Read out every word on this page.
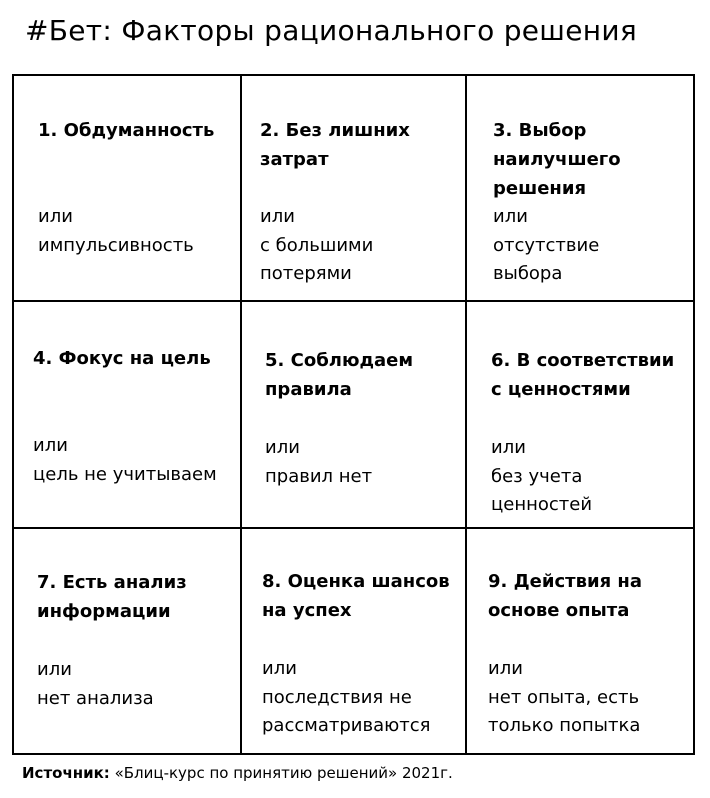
#Бет: Факторы рационального решения
1. Обдуманность
или
импульсивность
2. Без лишних
затрат
или
с большими
потерями
3. Выбор
наилучшего
решения
или
отсутствие
выбора
4. Фокус на цель
или
цель не учитываем
5. Соблюдаем
правила
или
правил нет
6. В соответствии
с ценностями
или
без учета
ценностей
7. Есть анализ
информации
или
нет анализа
8. Оценка шансов
на успех
или
последствия не
рассматриваются
9. Действия на
основe опыта
или
нет опыта, есть
только попытка
Источник: «Блиц-курс по принятию решений» 2021г.
